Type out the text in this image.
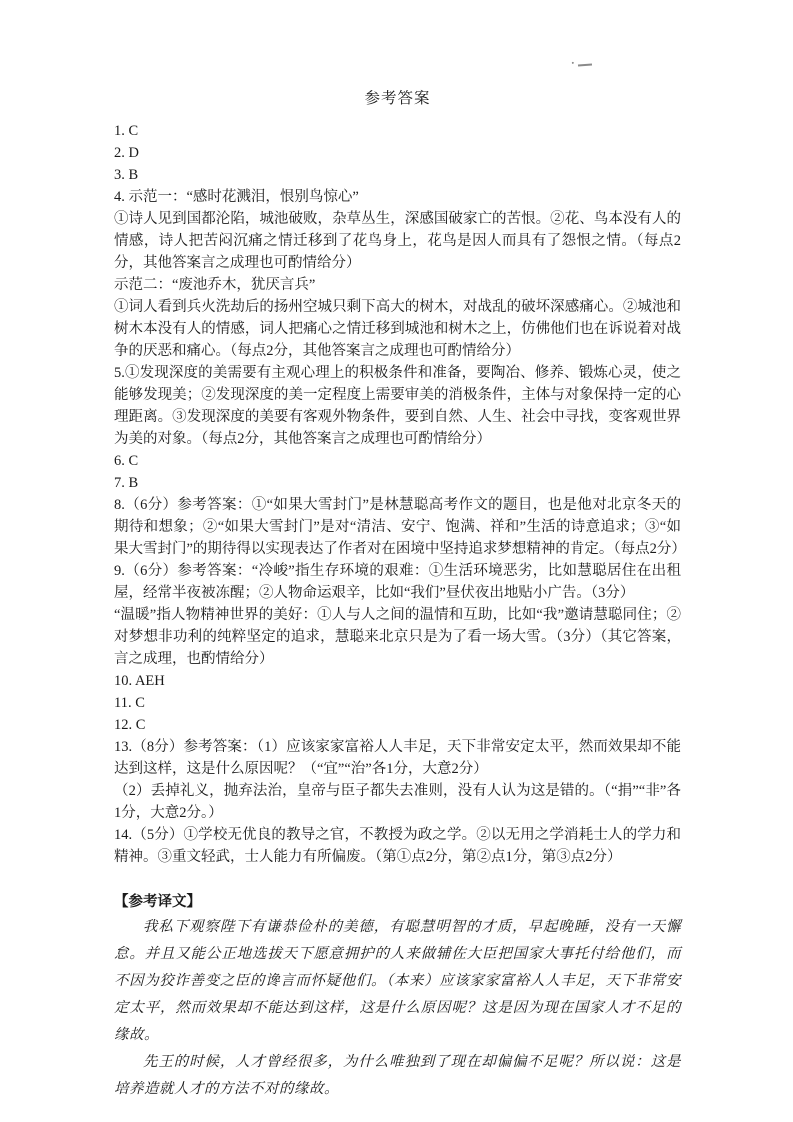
参考答案

1. C

2. D

3. B

4. 示范一：“感时花溅泪，恨别鸟惊心”

①诗人见到国都沦陷，城池破败，杂草丛生，深感国破家亡的苦恨。②花、鸟本没有人的情感，诗人把苦闷沉痛之情迁移到了花鸟身上，花鸟是因人而具有了怨恨之情。（每点2分，其他答案言之成理也可酌情给分）

示范二：“废池乔木，犹厌言兵”

①词人看到兵火洗劫后的扬州空城只剩下高大的树木，对战乱的破坏深感痛心。②城池和树木本没有人的情感，词人把痛心之情迁移到城池和树木之上，仿佛他们也在诉说着对战争的厌恶和痛心。（每点2分，其他答案言之成理也可酌情给分）

5.①发现深度的美需要有主观心理上的积极条件和准备，要陶冶、修养、锻炼心灵，使之能够发现美；②发现深度的美一定程度上需要审美的消极条件，主体与对象保持一定的心理距离。③发现深度的美要有客观外物条件，要到自然、人生、社会中寻找，变客观世界为美的对象。（每点2分，其他答案言之成理也可酌情给分）

6. C

7. B

8.（6分）参考答案：①“如果大雪封门”是林慧聪高考作文的题目，也是他对北京冬天的期待和想象；②“如果大雪封门”是对“清洁、安宁、饱满、祥和”生活的诗意追求；③“如果大雪封门”的期待得以实现表达了作者对在困境中坚持追求梦想精神的肯定。（每点2分）

9.（6分）参考答案：“冷峻”指生存环境的艰难：①生活环境恶劣，比如慧聪居住在出租屋，经常半夜被冻醒；②人物命运艰辛，比如“我们”昼伏夜出地贴小广告。（3分）

“温暖”指人物精神世界的美好：①人与人之间的温情和互助，比如“我”邀请慧聪同住；②对梦想非功利的纯粹坚定的追求，慧聪来北京只是为了看一场大雪。（3分）（其它答案，言之成理，也酌情给分）

10. AEH

11. C

12. C

13.（8分）参考答案：（1）应该家家富裕人人丰足，天下非常安定太平，然而效果却不能达到这样，这是什么原因呢？（“宜”“治”各1分，大意2分）

（2）丢掉礼义，抛弃法治，皇帝与臣子都失去准则，没有人认为这是错的。（“捐”“非”各1分，大意2分。）

14.（5分）①学校无优良的教导之官，不教授为政之学。②以无用之学消耗士人的学力和精神。③重文轻武，士人能力有所偏废。（第①点2分，第②点1分，第③点2分）

【参考译文】

我私下观察陛下有谦恭俭朴的美德，有聪慧明智的才质，早起晚睡，没有一天懈怠。并且又能公正地选拔天下愿意拥护的人来做辅佐大臣把国家大事托付给他们，而不因为狡诈善变之臣的谗言而怀疑他们。（本来）应该家家富裕人人丰足，天下非常安定太平，然而效果却不能达到这样，这是什么原因呢？这是因为现在国家人才不足的缘故。

先王的时候，人才曾经很多，为什么唯独到了现在却偏偏不足呢？所以说：这是培养造就人才的方法不对的缘故。
